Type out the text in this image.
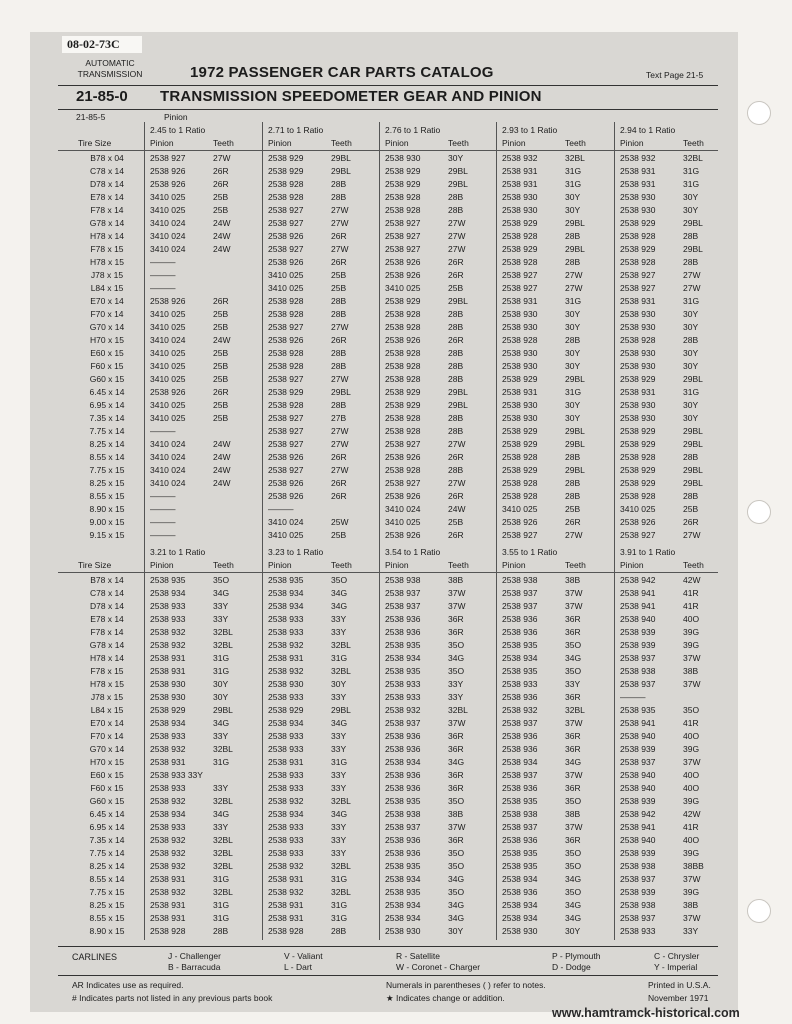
08-02-73C
AUTOMATIC
TRANSMISSION	1972 PASSENGER CAR PARTS CATALOG	Text Page 21-5
21-85-0 TRANSMISSION SPEEDOMETER GEAR AND PINION
21-85-5	Pinion
2.45 to 1 Ratio	2.71 to 1 Ratio	2.76 to 1 Ratio	2.93 to 1 Ratio	2.94 to 1 Ratio
Tire Size	Pinion	Teeth	Pinion	Teeth	Pinion	Teeth	Pinion	Teeth	Pinion	Teeth
B78 x 04	2538 927	27W	2538 929	29BL	2538 930	30Y	2538 932	32BL	2538 932	32BL
C78 x 14	2538 926	26R	2538 929	29BL	2538 929	29BL	2538 931	31G	2538 931	31G
D78 x 14	2538 926	26R	2538 928	28B	2538 929	29BL	2538 931	31G	2538 931	31G
E78 x 14	3410 025	25B	2538 928	28B	2538 928	28B	2538 930	30Y	2538 930	30Y
F78 x 14	3410 025	25B	2538 927	27W	2538 928	28B	2538 930	30Y	2538 930	30Y
G78 x 14	3410 024	24W	2538 927	27W	2538 927	27W	2538 929	29BL	2538 929	29BL
H78 x 14	3410 024	24W	2538 926	26R	2538 927	27W	2538 928	28B	2538 928	28B
F78 x 15	3410 024	24W	2538 927	27W	2538 927	27W	2538 929	29BL	2538 929	29BL
H78 x 15	———	2538 926	26R	2538 926	26R	2538 928	28B	2538 928	28B
J78 x 15	———	3410 025	25B	2538 926	26R	2538 927	27W	2538 927	27W
L84 x 15	———	3410 025	25B	3410 025	25B	2538 927	27W	2538 927	27W
E70 x 14	2538 926	26R	2538 928	28B	2538 929	29BL	2538 931	31G	2538 931	31G
F70 x 14	3410 025	25B	2538 928	28B	2538 928	28B	2538 930	30Y	2538 930	30Y
G70 x 14	3410 025	25B	2538 927	27W	2538 928	28B	2538 930	30Y	2538 930	30Y
H70 x 15	3410 024	24W	2538 926	26R	2538 926	26R	2538 928	28B	2538 928	28B
E60 x 15	3410 025	25B	2538 928	28B	2538 928	28B	2538 930	30Y	2538 930	30Y
F60 x 15	3410 025	25B	2538 928	28B	2538 928	28B	2538 930	30Y	2538 930	30Y
G60 x 15	3410 025	25B	2538 927	27W	2538 928	28B	2538 929	29BL	2538 929	29BL
6.45 x 14	2538 926	26R	2538 929	29BL	2538 929	29BL	2538 931	31G	2538 931	31G
6.95 x 14	3410 025	25B	2538 928	28B	2538 929	29BL	2538 930	30Y	2538 930	30Y
7.35 x 14	3410 025	25B	2538 927	27B	2538 928	28B	2538 930	30Y	2538 930	30Y
7.75 x 14	———	2538 927	27W	2538 928	28B	2538 929	29BL	2538 929	29BL
8.25 x 14	3410 024	24W	2538 927	27W	2538 927	27W	2538 929	29BL	2538 929	29BL
8.55 x 14	3410 024	24W	2538 926	26R	2538 926	26R	2538 928	28B	2538 928	28B
7.75 x 15	3410 024	24W	2538 927	27W	2538 928	28B	2538 929	29BL	2538 929	29BL
8.25 x 15	3410 024	24W	2538 926	26R	2538 927	27W	2538 928	28B	2538 929	29BL
8.55 x 15	———	2538 926	26R	2538 926	26R	2538 928	28B	2538 928	28B
8.90 x 15	———	———	3410 024	24W	3410 025	25B	3410 025	25B
9.00 x 15	———	3410 024	25W	3410 025	25B	2538 926	26R	2538 926	26R
9.15 x 15	———	3410 025	25B	2538 926	26R	2538 927	27W	2538 927	27W
3.21 to 1 Ratio	3.23 to 1 Ratio	3.54 to 1 Ratio	3.55 to 1 Ratio	3.91 to 1 Ratio
Tire Size	Pinion	Teeth	Pinion	Teeth	Pinion	Teeth	Pinion	Teeth	Pinion	Teeth
B78 x 14	2538 935	35O	2538 935	35O	2538 938	38B	2538 938	38B	2538 942	42W
C78 x 14	2538 934	34G	2538 934	34G	2538 937	37W	2538 937	37W	2538 941	41R
D78 x 14	2538 933	33Y	2538 934	34G	2538 937	37W	2538 937	37W	2538 941	41R
E78 x 14	2538 933	33Y	2538 933	33Y	2538 936	36R	2538 936	36R	2538 940	40O
F78 x 14	2538 932	32BL	2538 933	33Y	2538 936	36R	2538 936	36R	2538 939	39G
G78 x 14	2538 932	32BL	2538 932	32BL	2538 935	35O	2538 935	35O	2538 939	39G
H78 x 14	2538 931	31G	2538 931	31G	2538 934	34G	2538 934	34G	2538 937	37W
F78 x 15	2538 931	31G	2538 932	32BL	2538 935	35O	2538 935	35O	2538 938	38B
H78 x 15	2538 930	30Y	2538 930	30Y	2538 933	33Y	2538 933	33Y	2538 937	37W
J78 x 15	2538 930	30Y	2538 933	33Y	2538 933	33Y	2538 936	36R	———
L84 x 15	2538 929	29BL	2538 929	29BL	2538 932	32BL	2538 932	32BL	2538 935	35O
E70 x 14	2538 934	34G	2538 934	34G	2538 937	37W	2538 937	37W	2538 941	41R
F70 x 14	2538 933	33Y	2538 933	33Y	2538 936	36R	2538 936	36R	2538 940	40O
G70 x 14	2538 932	32BL	2538 933	33Y	2538 936	36R	2538 936	36R	2538 939	39G
H70 x 15	2538 931	31G	2538 931	31G	2538 934	34G	2538 934	34G	2538 937	37W
E60 x 15	2538 933 33Y	2538 933	33Y	2538 936	36R	2538 937	37W	2538 940	40O
F60 x 15	2538 933	33Y	2538 933	33Y	2538 936	36R	2538 936	36R	2538 940	40O
G60 x 15	2538 932	32BL	2538 932	32BL	2538 935	35O	2538 935	35O	2538 939	39G
6.45 x 14	2538 934	34G	2538 934	34G	2538 938	38B	2538 938	38B	2538 942	42W
6.95 x 14	2538 933	33Y	2538 933	33Y	2538 937	37W	2538 937	37W	2538 941	41R
7.35 x 14	2538 932	32BL	2538 933	33Y	2538 936	36R	2538 936	36R	2538 940	40O
7.75 x 14	2538 932	32BL	2538 933	33Y	2538 936	35O	2538 935	35O	2538 939	39G
8.25 x 14	2538 932	32BL	2538 932	32BL	2538 935	35O	2538 935	35O	2538 938	38BB
8.55 x 14	2538 931	31G	2538 931	31G	2538 934	34G	2538 934	34G	2538 937	37W
7.75 x 15	2538 932	32BL	2538 932	32BL	2538 935	35O	2538 936	35O	2538 939	39G
8.25 x 15	2538 931	31G	2538 931	31G	2538 934	34G	2538 934	34G	2538 938	38B
8.55 x 15	2538 931	31G	2538 931	31G	2538 934	34G	2538 934	34G	2538 937	37W
8.90 x 15	2538 928	28B	2538 928	28B	2538 930	30Y	2538 930	30Y	2538 933	33Y
CARLINES	J - Challenger
B - Barracuda
V - Valiant
L - Dart
R - Satellite
W - Coronet - Charger
P - Plymouth
D - Dodge
C - Chrysler
Y - Imperial
AR Indicates use as required.
# Indicates parts not listed in any previous parts book
Numerals in parentheses ( ) refer to notes.
★ Indicates change or addition.
Printed in U.S.A.
November 1971
www.hamtramck-historical.com
